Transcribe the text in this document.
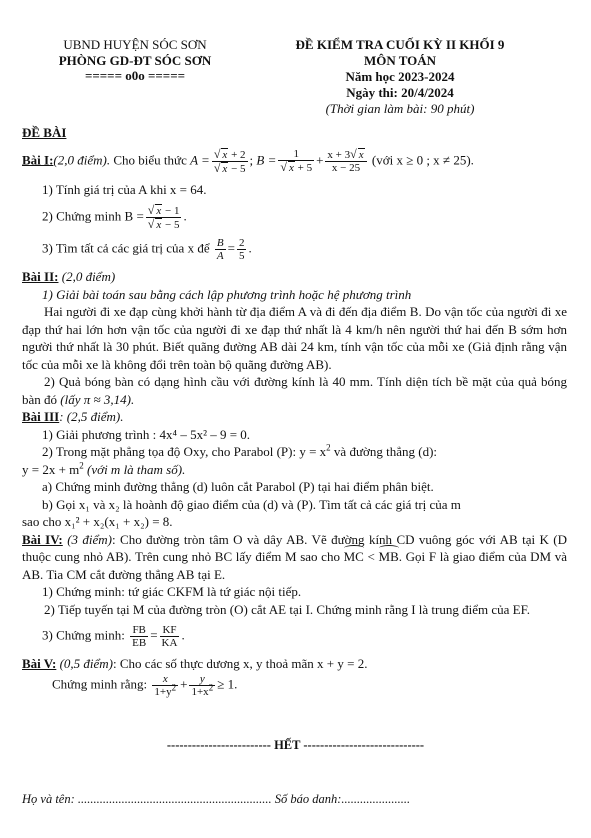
UBND HUYỆN SÓC SƠN
PHÒNG GD-ĐT SÓC SƠN
===== o0o =====
ĐỀ KIỂM TRA CUỐI KỲ II KHỐI 9
MÔN TOÁN
Năm học 2023-2024
Ngày thi: 20/4/2024
(Thời gian làm bài: 90 phút)
ĐỀ BÀI
Bài I:(2,0 điểm). Cho biểu thức $A = \frac{√ x + 2}{√ x - 5}$ ; $B = \frac{1}{√ x + 5} + \frac{x + 3√ x}{x - 25}$ (với x ≥ 0 ; x ≠ 25).
1) Tính giá trị của A khi x = 64.
2) Chứng minh $B = \frac{√ x - 1}{√ x - 5}$ .
3) Tìm tất cả các giá trị của x để $\frac{B}{A} = \frac{2}{5}$ .
Bài II: (2,0 điểm)
1) Giải bài toán sau bằng cách lập phương trình hoặc hệ phương trình
Hai người đi xe đạp cùng khởi hành từ địa điểm A và đi đến địa điểm B. Do vận tốc của người đi xe đạp thứ hai lớn hơn vận tốc của người đi xe đạp thứ nhất là 4 km/h nên người thứ hai đến B sớm hơn người thứ nhất là 30 phút. Biết quãng đường AB dài 24 km, tính vận tốc của mỗi xe (Giả định rằng vận tốc của mỗi xe là không đổi trên toàn bộ quãng đường AB).
2) Quả bóng bàn có dạng hình cầu với đường kính là 40 mm. Tính diện tích bề mặt của quả bóng bàn đó (lấy π ≈ 3,14).
Bài III: (2,5 điểm).
1) Giải phương trình : 4x⁴ – 5x² – 9 = 0.
2) Trong mặt phẳng tọa độ Oxy, cho Parabol (P): $y = x^2$ và đường thẳng (d):
$y = 2x + m^2$ (với m là tham số).
a) Chứng minh đường thẳng (d) luôn cắt Parabol (P) tại hai điểm phân biệt.
b) Gọi x₁ và x₂ là hoành độ giao điểm của (d) và (P). Tìm tất cả các giá trị của m
sao cho x₁² + x₂(x₁ + x₂) = 8.
Bài IV: (3 điểm): Cho đường tròn tâm O và dây AB. Vẽ đường kính CD vuông góc với AB tại K (D thuộc cung nhỏ AB). Trên cung nhỏ BC lấy điểm M sao cho MC < MB. Gọi F là giao điểm của DM và AB. Tia CM cắt đường thẳng AB tại E.
1) Chứng minh: tứ giác CKFM là tứ giác nội tiếp.
2) Tiếp tuyến tại M của đường tròn (O) cắt AE tại I. Chứng minh rằng I là trung điểm của EF.
3) Chứng minh: $\frac{FB}{EB} = \frac{KF}{KA}$ .
Bài V: (0,5 điểm): Cho các số thực dương x, y thoả mãn x + y = 2.
Chứng minh rằng: $\frac{x}{1+y^2} + \frac{y}{1+x^2} \ge 1$.
------------------------- HẾT -----------------------------
Họ và tên: .............................................................. Số báo danh:......................
